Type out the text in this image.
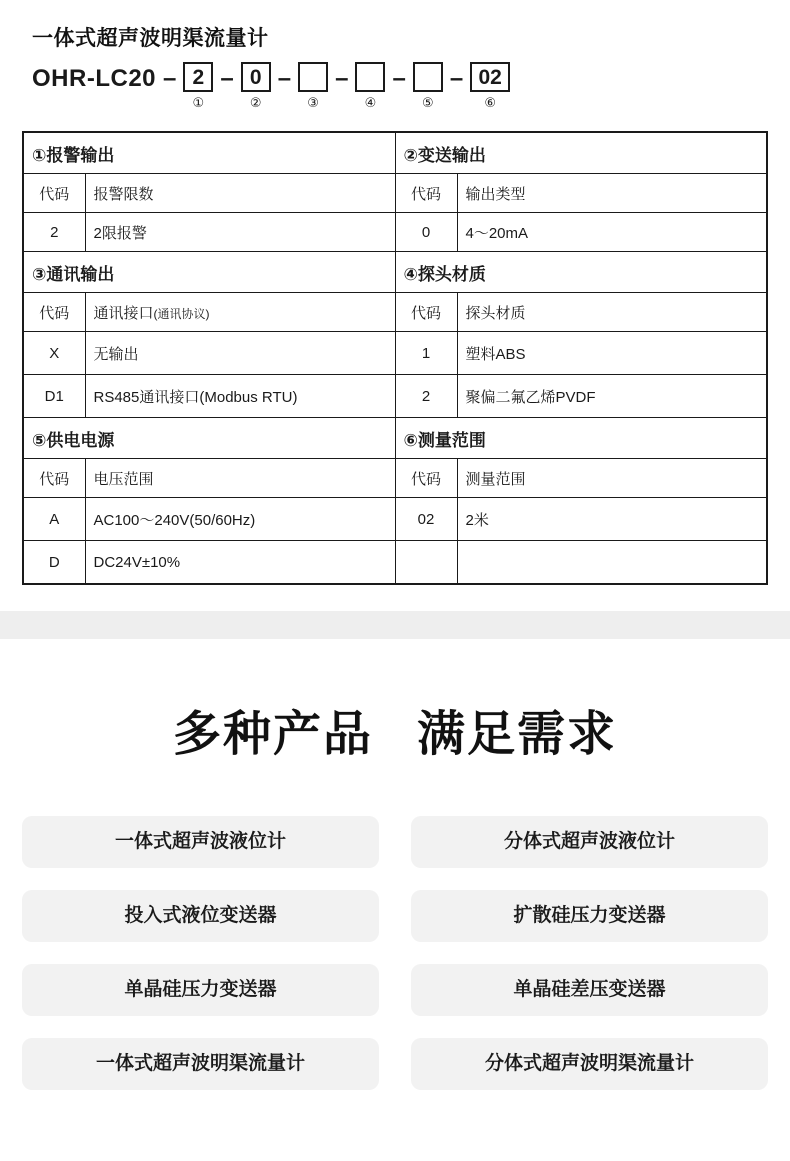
一体式超声波明渠流量计
OHR-LC20 – 2
①
– 0
②
–
③
–
④
–
⑤
– 02
⑥
①报警输出		②变送输出	
代码	报警限数	代码	输出类型
2	2限报警	0	4～20mA
③通讯输出		④探头材质	
代码	通讯接口(通讯协议)	代码	探头材质
X	无输出	1	塑料ABS
D1	RS485通讯接口(Modbus RTU)	2	聚偏二氟乙烯PVDF
⑤供电电源		⑥测量范围	
代码	电压范围	代码	测量范围
A	AC100～240V(50/60Hz)	02	2米
D	DC24V±10%		
多种产品 满足需求
一体式超声波液位计	分体式超声波液位计
投入式液位变送器	扩散硅压力变送器
单晶硅压力变送器	单晶硅差压变送器
一体式超声波明渠流量计	分体式超声波明渠流量计
